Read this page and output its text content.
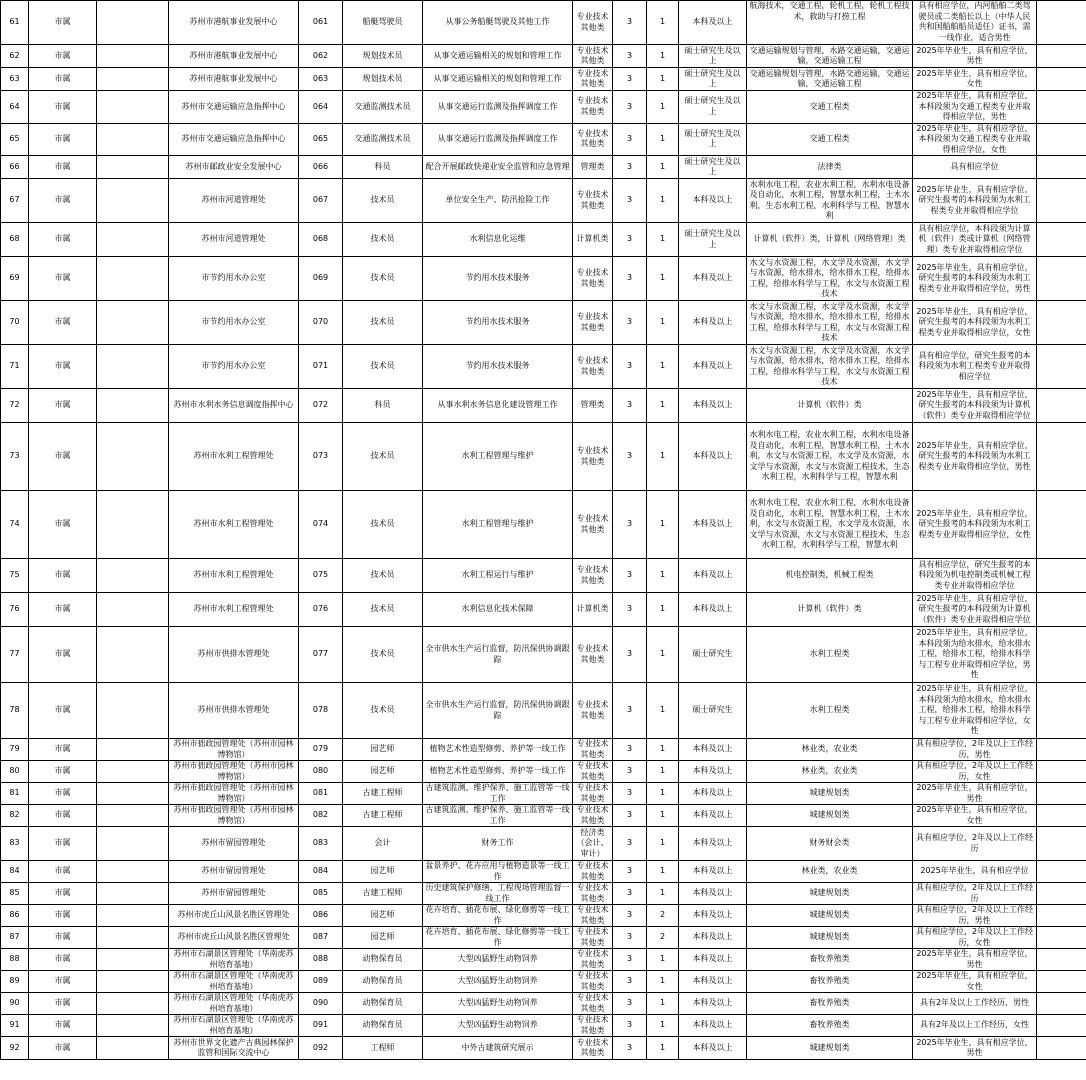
61	市属		苏州市港航事业发展中心	061	船艇驾驶员	从事公务船艇驾驶及其他工作	专业技术其他类	3	1	本科及以上	航海技术，交通工程，轮机工程，轮机工程技术，救助与打捞工程	具有相应学位，内河船舶二类驾驶员或二类船长以上（中华人民共和国船舶船员适任）证书，需一线作业，适合男性	
62	市属		苏州市港航事业发展中心	062	规划技术员	从事交通运输相关的规划和管理工作	专业技术其他类	3	1	硕士研究生及以上	交通运输规划与管理，水路交通运输，交通运输，交通运输工程	2025年毕业生，具有相应学位，男性	
63	市属		苏州市港航事业发展中心	063	规划技术员	从事交通运输相关的规划和管理工作	专业技术其他类	3	1	硕士研究生及以上	交通运输规划与管理，水路交通运输，交通运输，交通运输工程	2025年毕业生，具有相应学位，女性	
64	市属		苏州市交通运输应急指挥中心	064	交通监测技术员	从事交通运行监测及指挥调度工作	专业技术其他类	3	1	硕士研究生及以上	交通工程类	2025年毕业生，具有相应学位，本科段须为交通工程类专业并取得相应学位，男性	
65	市属		苏州市交通运输应急指挥中心	065	交通监测技术员	从事交通运行监测及指挥调度工作	专业技术其他类	3	1	硕士研究生及以上	交通工程类	2025年毕业生，具有相应学位，本科段须为交通工程类专业并取得相应学位，女性	
66	市属		苏州市邮政业安全发展中心	066	科员	配合开展邮政快递业安全监管和应急管理	管理类	3	1	硕士研究生及以上	法律类	具有相应学位	
67	市属		苏州市河道管理处	067	技术员	单位安全生产、防汛抢险工作	专业技术其他类	3	1	本科及以上	水利水电工程，农业水利工程，水利水电设备及自动化，水利工程，智慧水利工程，土木水利，生态水利工程，水利科学与工程，智慧水利	2025年毕业生，具有相应学位，研究生报考的本科段须为水利工程类专业并取得相应学位	
68	市属		苏州市河道管理处	068	技术员	水利信息化运维	计算机类	3	1	硕士研究生及以上	计算机（软件）类，计算机（网络管理）类	具有相应学位，本科段须为计算机（软件）类或计算机（网络管理）类专业并取得相应学位	
69	市属		市节约用水办公室	069	技术员	节约用水技术服务	专业技术其他类	3	1	本科及以上	水文与水资源工程，水文学及水资源，水文学与水资源，给水排水，给水排水工程，给排水工程，给排水科学与工程，水文与水资源工程技术	2025年毕业生，具有相应学位，研究生报考的本科段须为水利工程类专业并取得相应学位，男性	
70	市属		市节约用水办公室	070	技术员	节约用水技术服务	专业技术其他类	3	1	本科及以上	水文与水资源工程，水文学及水资源，水文学与水资源，给水排水，给水排水工程，给排水工程，给排水科学与工程，水文与水资源工程技术	2025年毕业生，具有相应学位，研究生报考的本科段须为水利工程类专业并取得相应学位，女性	
71	市属		市节约用水办公室	071	技术员	节约用水技术服务	专业技术其他类	3	1	本科及以上	水文与水资源工程，水文学及水资源，水文学与水资源，给水排水，给水排水工程，给排水工程，给排水科学与工程，水文与水资源工程技术	具有相应学位，研究生报考的本科段须为水利工程类专业并取得相应学位	
72	市属		苏州市水利水务信息调度指挥中心	072	科员	从事水利水务信息化建设管理工作	管理类	3	1	本科及以上	计算机（软件）类	2025年毕业生，具有相应学位，研究生报考的本科段须为计算机（软件）类专业并取得相应学位	
73	市属		苏州市水利工程管理处	073	技术员	水利工程管理与维护	专业技术其他类	3	1	本科及以上	水利水电工程，农业水利工程，水利水电设备及自动化，水利工程，智慧水利工程，土木水利，水文与水资源工程，水文学及水资源，水文学与水资源，水文与水资源工程技术，生态水利工程，水利科学与工程，智慧水利	2025年毕业生，具有相应学位，研究生报考的本科段须为水利工程类专业并取得相应学位，男性	
74	市属		苏州市水利工程管理处	074	技术员	水利工程管理与维护	专业技术其他类	3	1	本科及以上	水利水电工程，农业水利工程，水利水电设备及自动化，水利工程，智慧水利工程，土木水利，水文与水资源工程，水文学及水资源，水文学与水资源，水文与水资源工程技术，生态水利工程，水利科学与工程，智慧水利	2025年毕业生，具有相应学位，研究生报考的本科段须为水利工程类专业并取得相应学位，女性	
75	市属		苏州市水利工程管理处	075	技术员	水利工程运行与维护	专业技术其他类	3	1	本科及以上	机电控制类，机械工程类	具有相应学位，研究生报考的本科段须为机电控制类或机械工程类专业并取得相应学位	
76	市属		苏州市水利工程管理处	076	技术员	水利信息化技术保障	计算机类	3	1	本科及以上	计算机（软件）类	2025年毕业生，具有相应学位，研究生报考的本科段须为计算机（软件）类专业并取得相应学位	
77	市属		苏州市供排水管理处	077	技术员	全市供水生产运行监督，防汛保供协调跟踪	专业技术其他类	3	1	硕士研究生	水利工程类	2025年毕业生，具有相应学位，本科段须为给水排水，给水排水工程，给排水工程，给排水科学与工程专业并取得相应学位，男性	
78	市属		苏州市供排水管理处	078	技术员	全市供水生产运行监督，防汛保供协调跟踪	专业技术其他类	3	1	硕士研究生	水利工程类	2025年毕业生，具有相应学位，本科段须为给水排水，给水排水工程，给排水工程，给排水科学与工程专业并取得相应学位，女性	
79	市属		苏州市拙政园管理处（苏州市园林博物馆）	079	园艺师	植物艺术性造型修剪、养护等一线工作	专业技术其他类	3	1	本科及以上	林业类，农业类	具有相应学位，2年及以上工作经历，男性	
80	市属		苏州市拙政园管理处（苏州市园林博物馆）	080	园艺师	植物艺术性造型修剪、养护等一线工作	专业技术其他类	3	1	本科及以上	林业类，农业类	具有相应学位，2年及以上工作经历，女性	
81	市属		苏州市拙政园管理处（苏州市园林博物馆）	081	古建工程师	古建筑监测、维护保养、施工监管等一线工作	专业技术其他类	3	1	本科及以上	城建规划类	2025年毕业生，具有相应学位，男性	
82	市属		苏州市拙政园管理处（苏州市园林博物馆）	082	古建工程师	古建筑监测、维护保养、施工监管等一线工作	专业技术其他类	3	1	本科及以上	城建规划类	2025年毕业生，具有相应学位，女性	
83	市属		苏州市留园管理处	083	会计	财务工作	经济类（会计、审计）	3	1	本科及以上	财务财会类	具有相应学位，2年及以上工作经历	
84	市属		苏州市留园管理处	084	园艺师	盆景养护、花卉应用与植物造景等一线工作	专业技术其他类	3	1	本科及以上	林业类，农业类	2025年毕业生，具有相应学位	
85	市属		苏州市留园管理处	085	古建工程师	历史建筑保护修缮、工程现场管理监督一线工作	专业技术其他类	3	1	本科及以上	城建规划类	具有相应学位，2年及以上工作经历	
86	市属		苏州市虎丘山风景名胜区管理处	086	园艺师	花卉培育、插花布展、绿化修剪等一线工作	专业技术其他类	3	2	本科及以上	城建规划类	具有相应学位，2年及以上工作经历，男性	
87	市属		苏州市虎丘山风景名胜区管理处	087	园艺师	花卉培育、插花布展、绿化修剪等一线工作	专业技术其他类	3	2	本科及以上	城建规划类	具有相应学位，2年及以上工作经历，女性	
88	市属		苏州市石湖景区管理处（华南虎苏州培育基地）	088	动物保育员	大型凶猛野生动物饲养	专业技术其他类	3	1	本科及以上	畜牧养殖类	2025年毕业生，具有相应学位，男性	
89	市属		苏州市石湖景区管理处（华南虎苏州培育基地）	089	动物保育员	大型凶猛野生动物饲养	专业技术其他类	3	1	本科及以上	畜牧养殖类	2025年毕业生，具有相应学位，女性	
90	市属		苏州市石湖景区管理处（华南虎苏州培育基地）	090	动物保育员	大型凶猛野生动物饲养	专业技术其他类	3	1	本科及以上	畜牧养殖类	具有2年及以上工作经历，男性	
91	市属		苏州市石湖景区管理处（华南虎苏州培育基地）	091	动物保育员	大型凶猛野生动物饲养	专业技术其他类	3	1	本科及以上	畜牧养殖类	具有2年及以上工作经历，女性	
92	市属		苏州市世界文化遗产古典园林保护监管和国际交流中心	092	工程师	中外古建筑研究展示	专业技术其他类	3	1	本科及以上	城建规划类	2025年毕业生，具有相应学位，男性	
